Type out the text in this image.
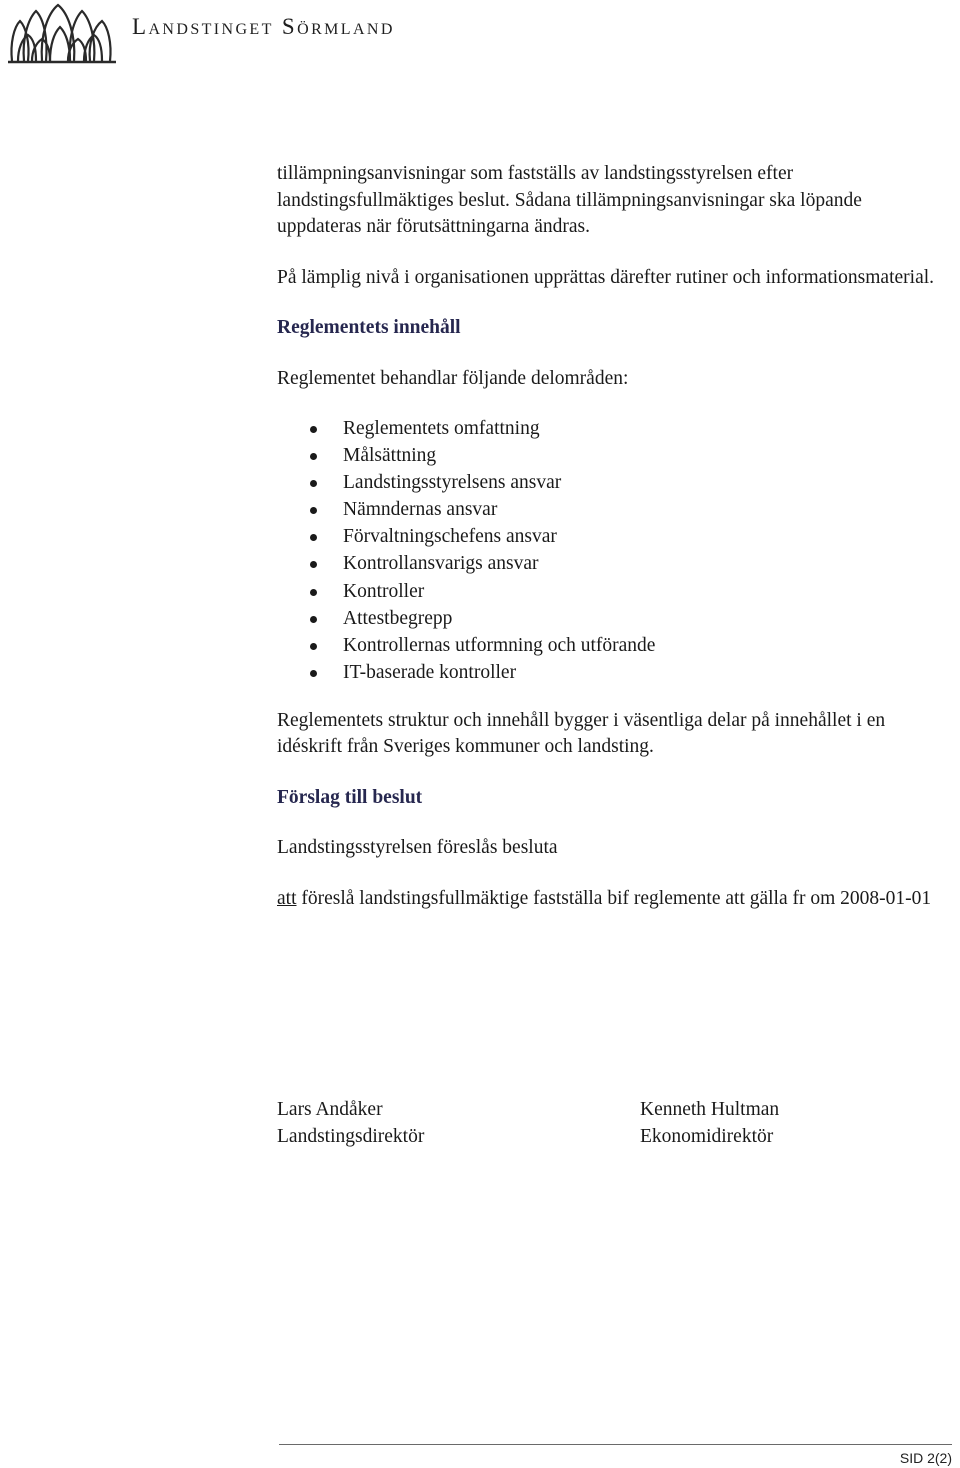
Landstinget Sörmland

tillämpningsanvisningar som fastställs av landstingsstyrelsen efter landstingsfullmäktiges beslut. Sådana tillämpningsanvisningar ska löpande uppdateras när förutsättningarna ändras.

På lämplig nivå i organisationen upprättas därefter rutiner och informationsmaterial.

Reglementets innehåll

Reglementet behandlar följande delområden:

Reglementets omfattning
Målsättning
Landstingsstyrelsens ansvar
Nämndernas ansvar
Förvaltningschefens ansvar
Kontrollansvarigs ansvar
Kontroller
Attestbegrepp
Kontrollernas utformning och utförande
IT-baserade kontroller

Reglementets struktur och innehåll bygger i väsentliga delar på innehållet i en idéskrift från Sveriges kommuner och landsting.

Förslag till beslut

Landstingsstyrelsen föreslås besluta

att föreslå landstingsfullmäktige fastställa bif reglemente att gälla fr om 2008-01-01

Lars Andåker
Landstingsdirektör
Kenneth Hultman
Ekonomidirektör
SID 2(2)
